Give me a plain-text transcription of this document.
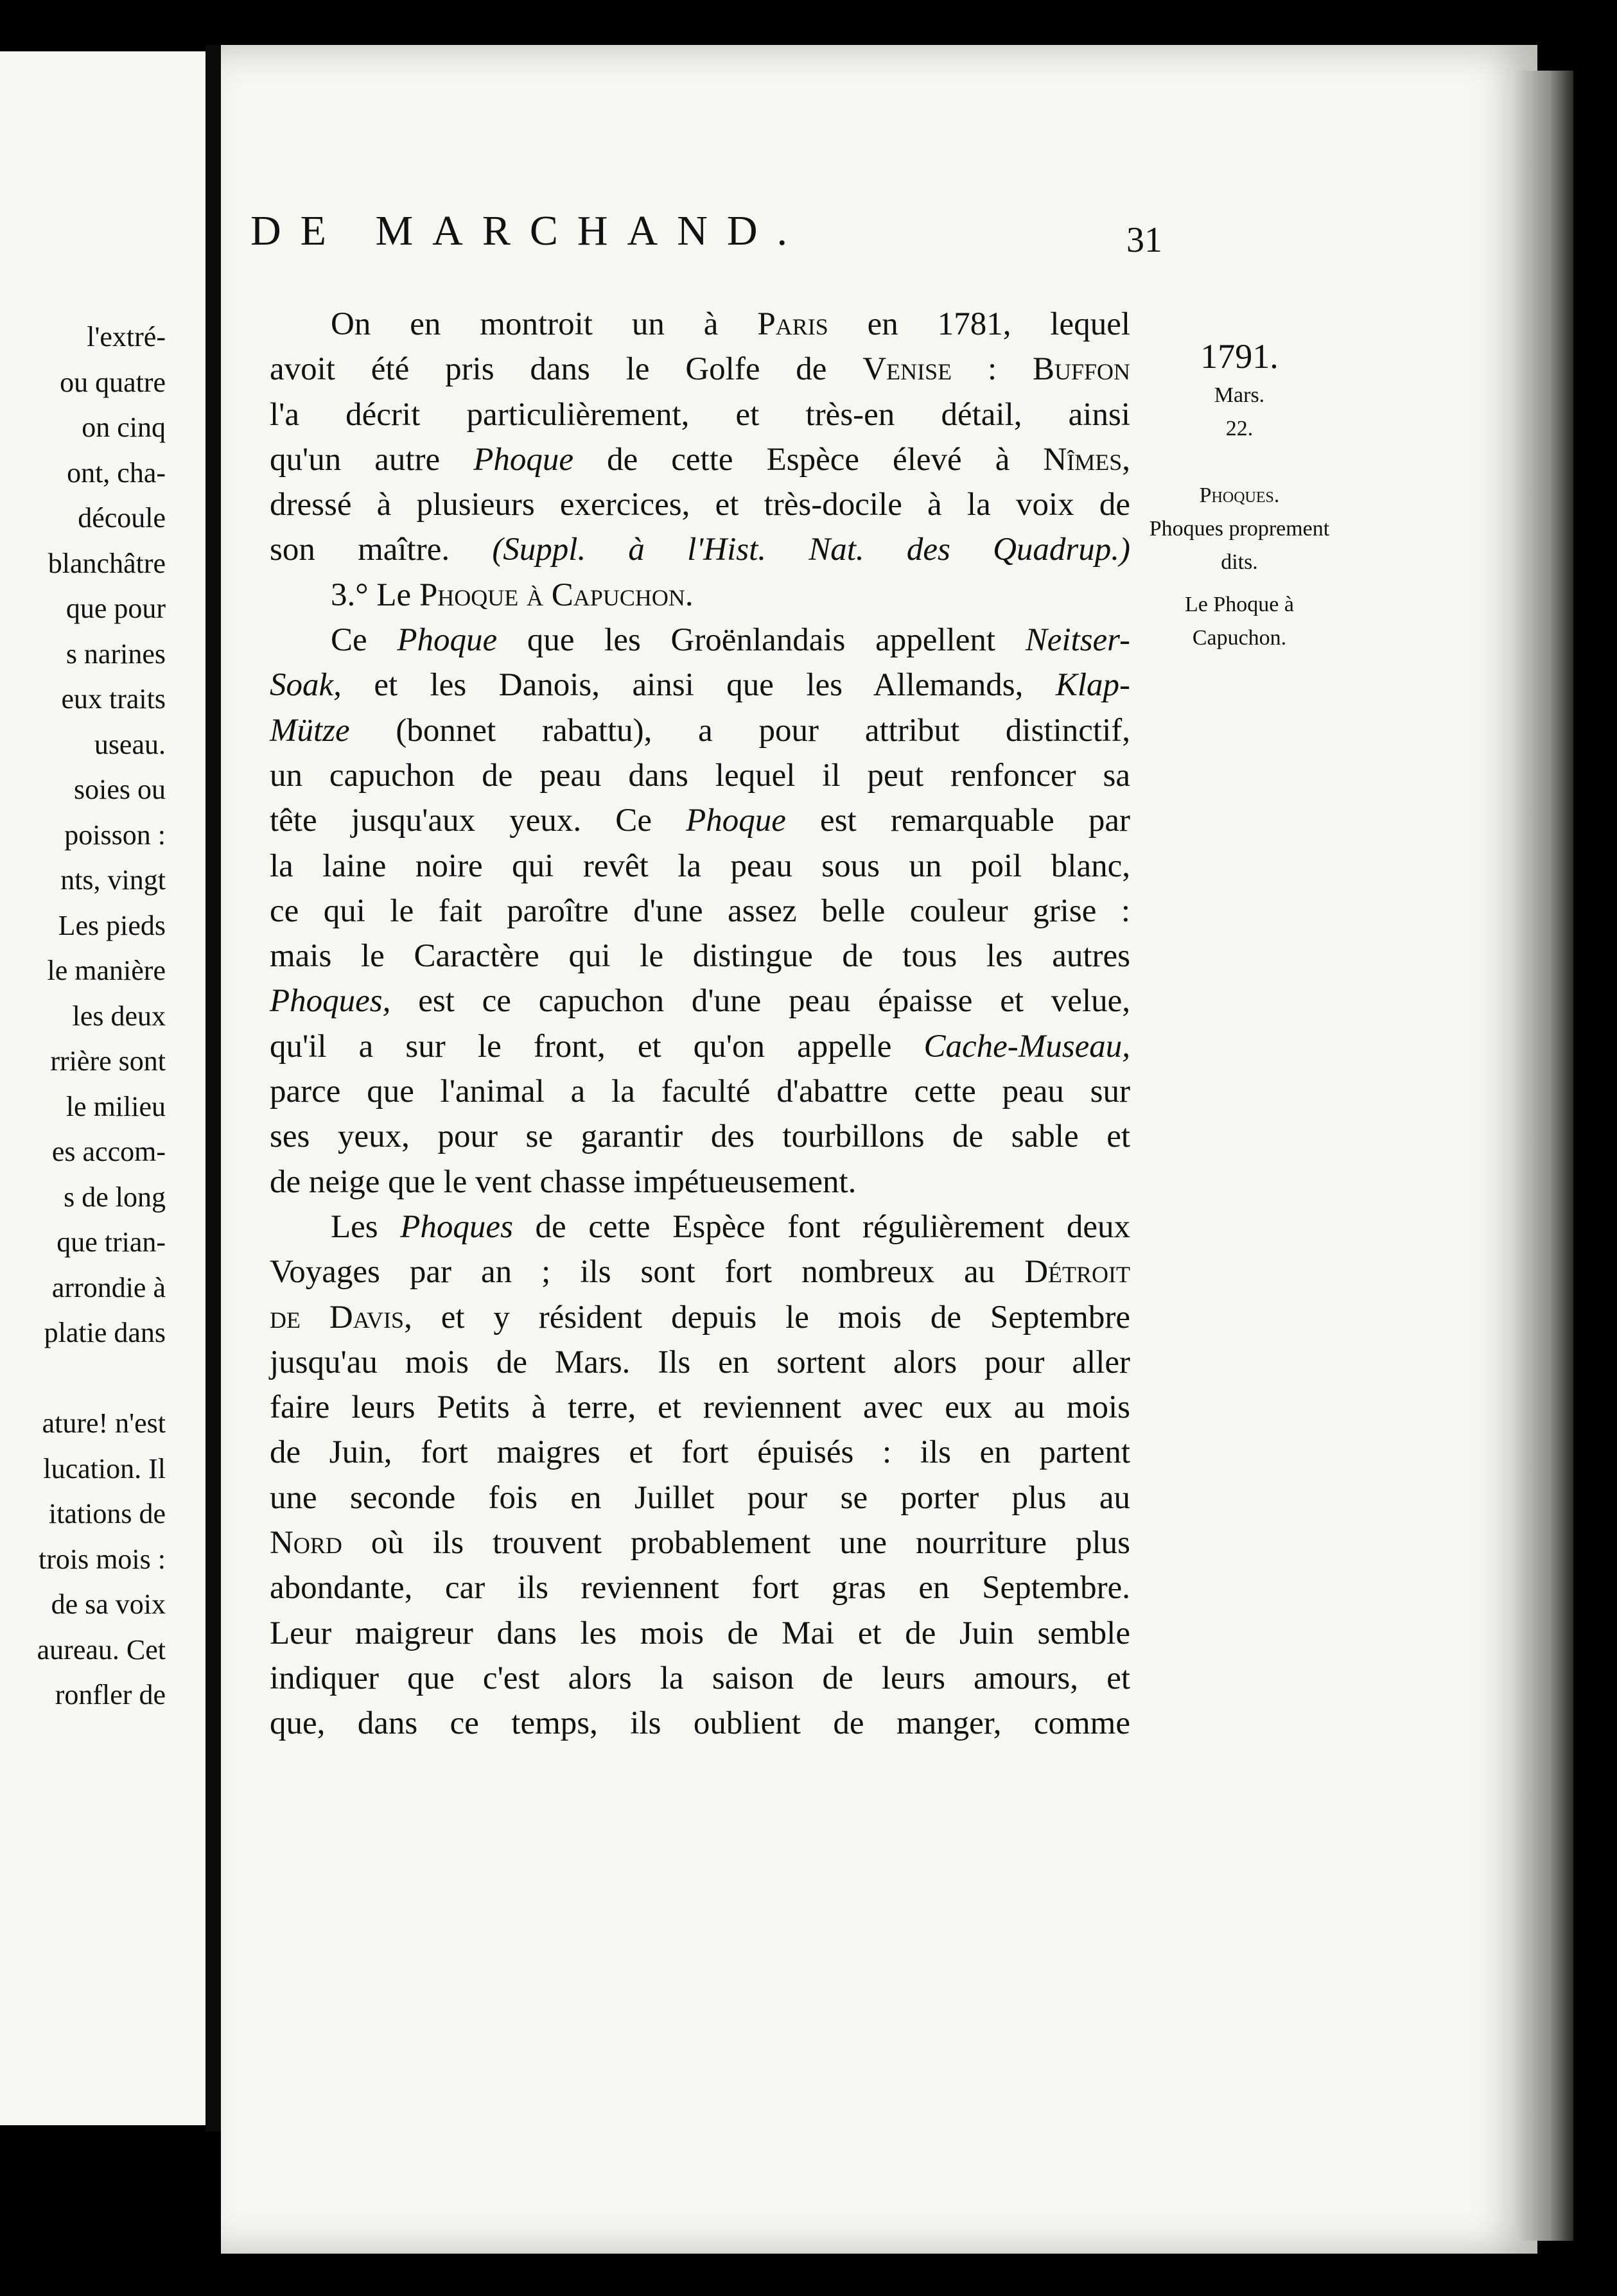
l'extré-
ou quatre
on cinq
ont, cha-
découle
blanchâtre
que pour
s narines
eux traits
useau.
soies ou
poisson :
nts, vingt
Les pieds
le manière
les deux
rrière sont
le milieu
es accom-
s de long
que trian-
arrondie à
platie dans
ature! n'est
lucation. Il
itations de
trois mois :
de sa voix
aureau. Cet
ronfler de
DE MARCHAND.	31
1791.
Mars.
22.
Phoques.
Phoques proprement dits.
Le Phoque à Capuchon.
On en montroit un à Paris en 1781, lequel
avoit été pris dans le Golfe de Venise : Buffon
l'a décrit particulièrement, et très-en détail, ainsi
qu'un autre Phoque de cette Espèce élevé à Nîmes,
dressé à plusieurs exercices, et très-docile à la voix de
son maître. (Suppl. à l'Hist. Nat. des Quadrup.)
3.° Le Phoque à Capuchon.
Ce Phoque que les Groënlandais appellent Neitser-
Soak, et les Danois, ainsi que les Allemands, Klap-
Mütze (bonnet rabattu), a pour attribut distinctif,
un capuchon de peau dans lequel il peut renfoncer sa
tête jusqu'aux yeux. Ce Phoque est remarquable par
la laine noire qui revêt la peau sous un poil blanc,
ce qui le fait paroître d'une assez belle couleur grise :
mais le Caractère qui le distingue de tous les autres
Phoques, est ce capuchon d'une peau épaisse et velue,
qu'il a sur le front, et qu'on appelle Cache-Museau,
parce que l'animal a la faculté d'abattre cette peau sur
ses yeux, pour se garantir des tourbillons de sable et
de neige que le vent chasse impétueusement.
Les Phoques de cette Espèce font régulièrement deux
Voyages par an ; ils sont fort nombreux au Détroit
de Davis, et y résident depuis le mois de Septembre
jusqu'au mois de Mars. Ils en sortent alors pour aller
faire leurs Petits à terre, et reviennent avec eux au mois
de Juin, fort maigres et fort épuisés : ils en partent
une seconde fois en Juillet pour se porter plus au
Nord où ils trouvent probablement une nourriture plus
abondante, car ils reviennent fort gras en Septembre.
Leur maigreur dans les mois de Mai et de Juin semble
indiquer que c'est alors la saison de leurs amours, et
que, dans ce temps, ils oublient de manger, comme
